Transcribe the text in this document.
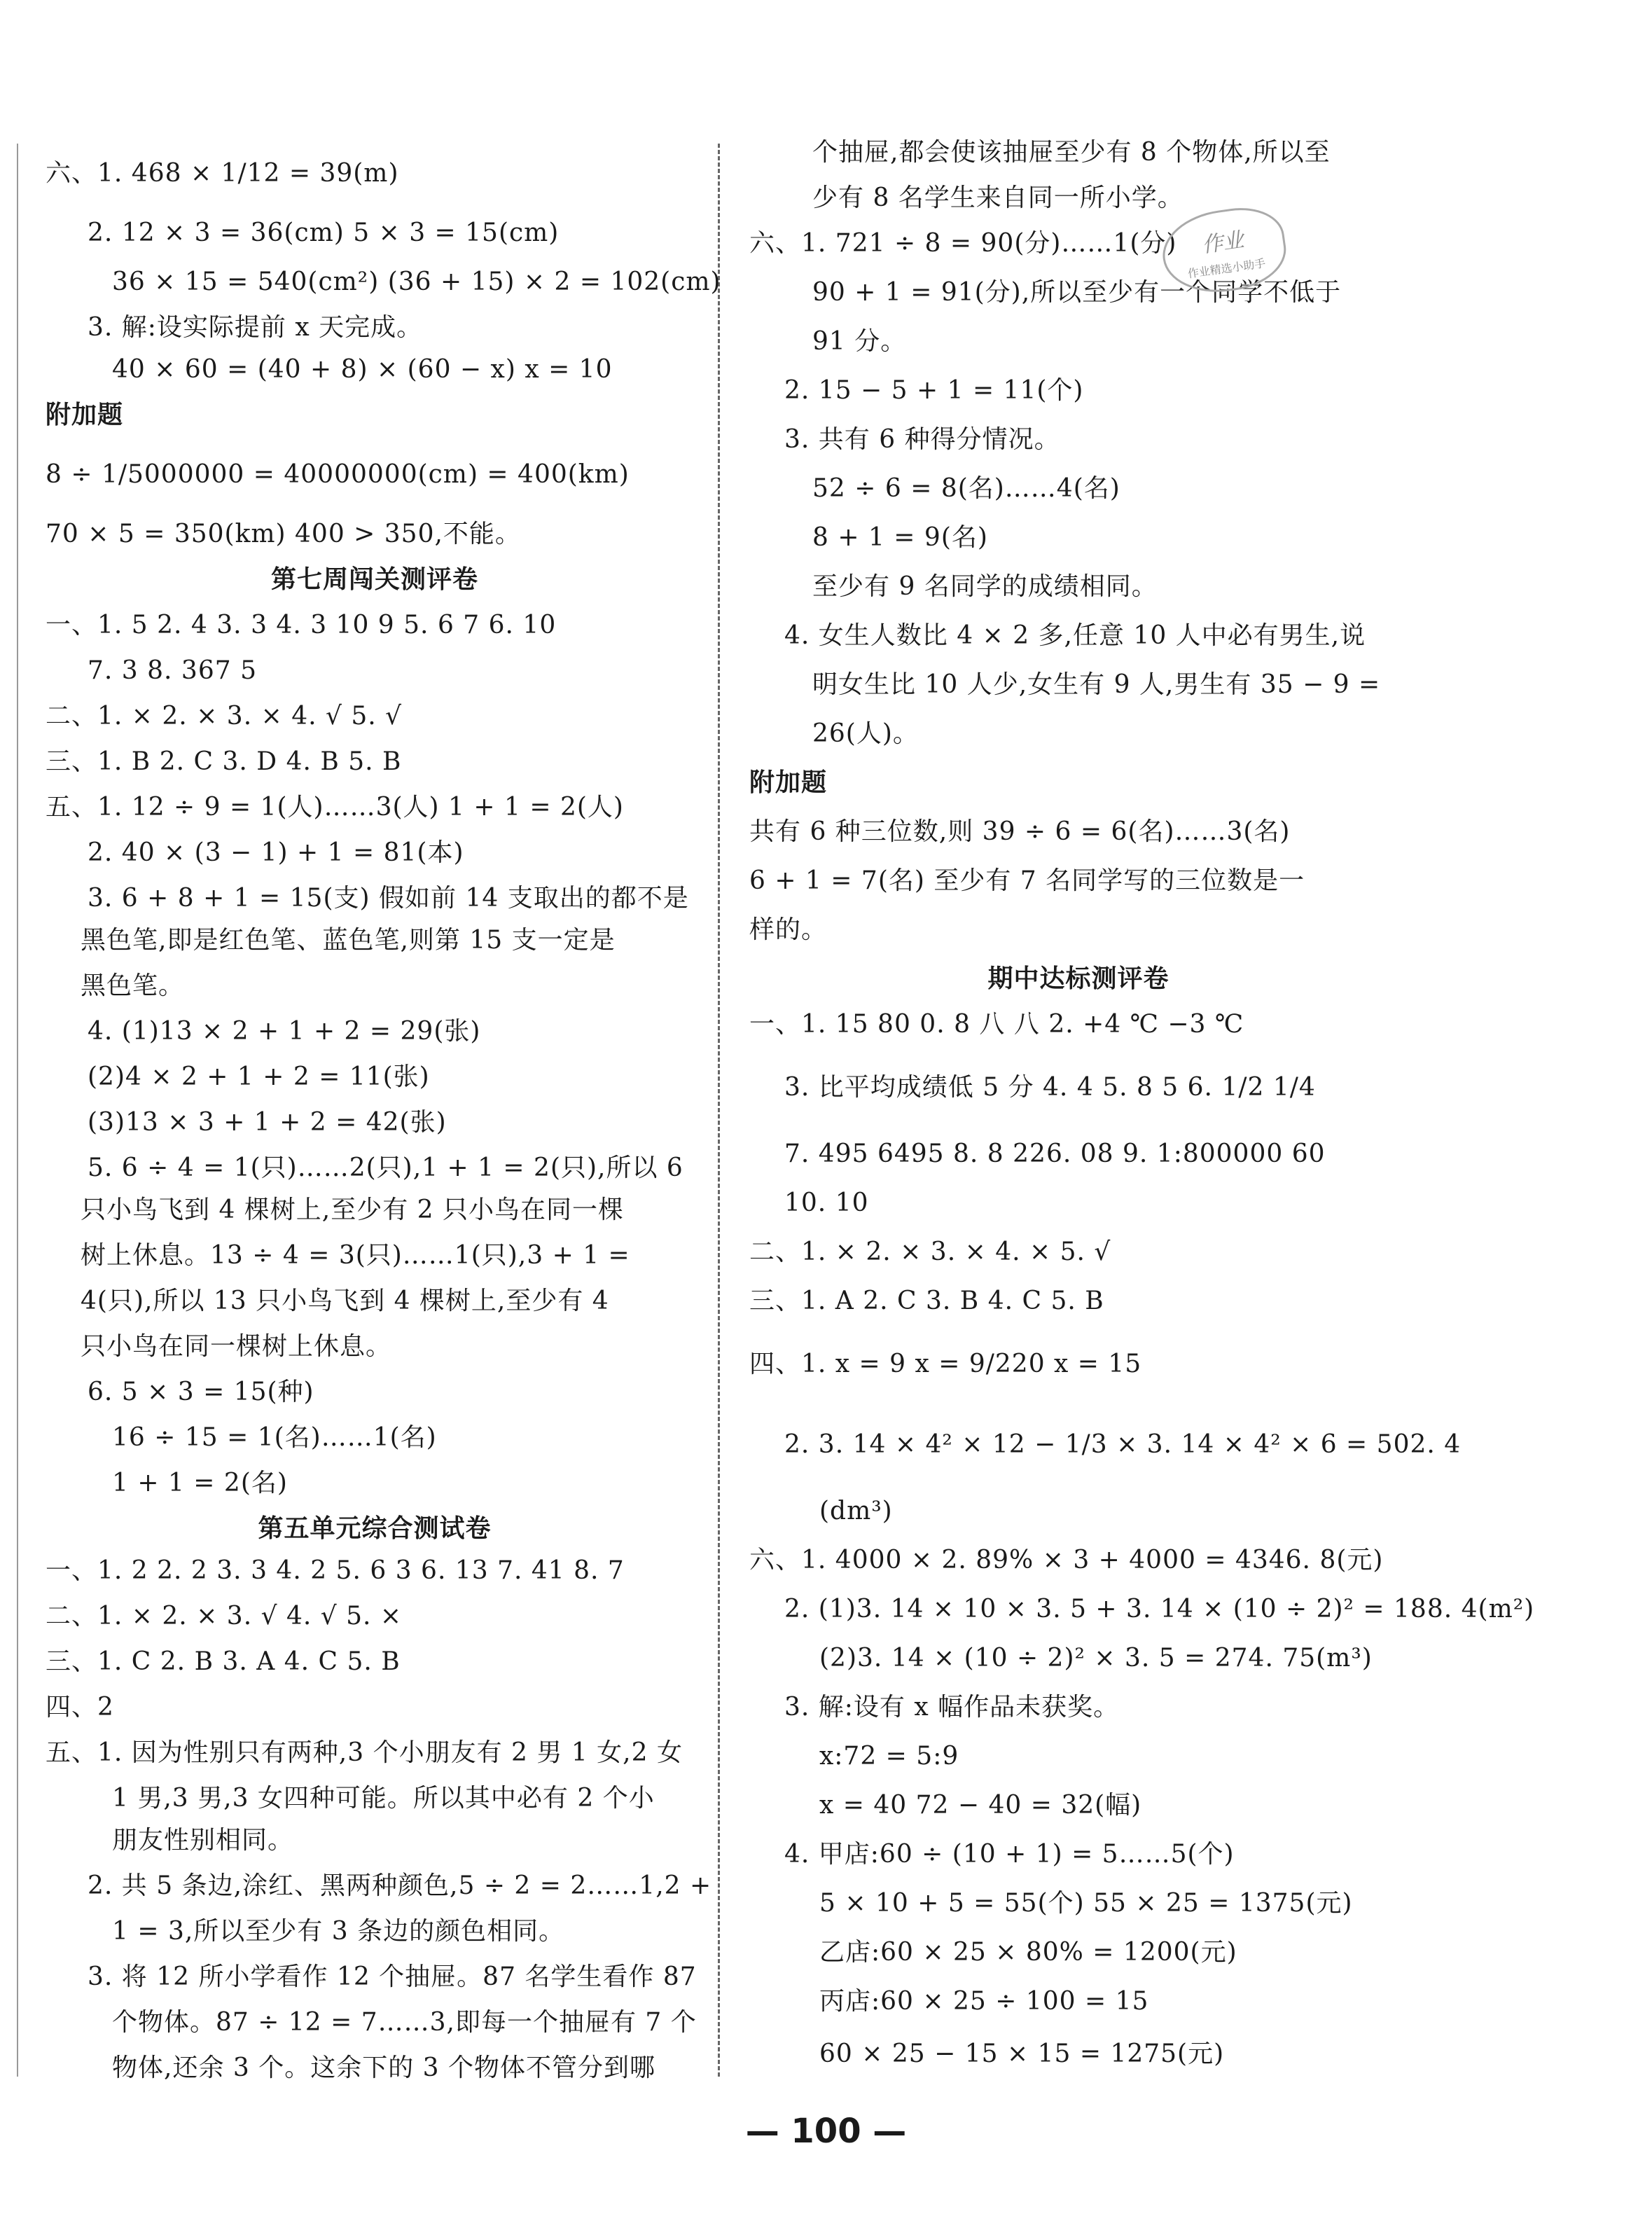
六、1. 468 × 1/12 = 39(m)
2. 12 × 3 = 36(cm) 5 × 3 = 15(cm)
36 × 15 = 540(cm²) (36 + 15) × 2 = 102(cm)
3. 解:设实际提前 x 天完成。
40 × 60 = (40 + 8) × (60 − x) x = 10
附加题
8 ÷ 1/5000000 = 40000000(cm) = 400(km)
70 × 5 = 350(km) 400 > 350,不能。
第七周闯关测评卷
一、1. 5 2. 4 3. 3 4. 3 10 9 5. 6 7 6. 10
7. 3 8. 367 5
二、1. × 2. × 3. × 4. √ 5. √
三、1. B 2. C 3. D 4. B 5. B
五、1. 12 ÷ 9 = 1(人)……3(人) 1 + 1 = 2(人)
2. 40 × (3 − 1) + 1 = 81(本)
3. 6 + 8 + 1 = 15(支) 假如前 14 支取出的都不是
黑色笔,即是红色笔、蓝色笔,则第 15 支一定是
黑色笔。
4. (1)13 × 2 + 1 + 2 = 29(张)
(2)4 × 2 + 1 + 2 = 11(张)
(3)13 × 3 + 1 + 2 = 42(张)
5. 6 ÷ 4 = 1(只)……2(只),1 + 1 = 2(只),所以 6
只小鸟飞到 4 棵树上,至少有 2 只小鸟在同一棵
树上休息。13 ÷ 4 = 3(只)……1(只),3 + 1 =
4(只),所以 13 只小鸟飞到 4 棵树上,至少有 4
只小鸟在同一棵树上休息。
6. 5 × 3 = 15(种)
16 ÷ 15 = 1(名)……1(名)
1 + 1 = 2(名)
第五单元综合测试卷
一、1. 2 2. 2 3. 3 4. 2 5. 6 3 6. 13 7. 41 8. 7
二、1. × 2. × 3. √ 4. √ 5. ×
三、1. C 2. B 3. A 4. C 5. B
四、2
五、1. 因为性别只有两种,3 个小朋友有 2 男 1 女,2 女
1 男,3 男,3 女四种可能。所以其中必有 2 个小
朋友性别相同。
2. 共 5 条边,涂红、黑两种颜色,5 ÷ 2 = 2……1,2 +
1 = 3,所以至少有 3 条边的颜色相同。
3. 将 12 所小学看作 12 个抽屉。87 名学生看作 87
个物体。87 ÷ 12 = 7……3,即每一个抽屉有 7 个
物体,还余 3 个。这余下的 3 个物体不管分到哪
个抽屉,都会使该抽屉至少有 8 个物体,所以至
少有 8 名学生来自同一所小学。
六、1. 721 ÷ 8 = 90(分)……1(分)
90 + 1 = 91(分),所以至少有一个同学不低于
91 分。
2. 15 − 5 + 1 = 11(个)
3. 共有 6 种得分情况。
52 ÷ 6 = 8(名)……4(名)
8 + 1 = 9(名)
至少有 9 名同学的成绩相同。
4. 女生人数比 4 × 2 多,任意 10 人中必有男生,说
明女生比 10 人少,女生有 9 人,男生有 35 − 9 =
26(人)。
附加题
共有 6 种三位数,则 39 ÷ 6 = 6(名)……3(名)
6 + 1 = 7(名) 至少有 7 名同学写的三位数是一
样的。
期中达标测评卷
一、1. 15 80 0. 8 八 八 2. +4 ℃ −3 ℃
3. 比平均成绩低 5 分 4. 4 5. 8 5 6. 1/2 1/4
7. 495 6495 8. 8 226. 08 9. 1:800000 60
10. 10
二、1. × 2. × 3. × 4. × 5. √
三、1. A 2. C 3. B 4. C 5. B
四、1. x = 9 x = 9/220 x = 15
2. 3. 14 × 4² × 12 − 1/3 × 3. 14 × 4² × 6 = 502. 4
(dm³)
六、1. 4000 × 2. 89% × 3 + 4000 = 4346. 8(元)
2. (1)3. 14 × 10 × 3. 5 + 3. 14 × (10 ÷ 2)² = 188. 4(m²)
(2)3. 14 × (10 ÷ 2)² × 3. 5 = 274. 75(m³)
3. 解:设有 x 幅作品未获奖。
x:72 = 5:9
x = 40 72 − 40 = 32(幅)
4. 甲店:60 ÷ (10 + 1) = 5……5(个)
5 × 10 + 5 = 55(个) 55 × 25 = 1375(元)
乙店:60 × 25 × 80% = 1200(元)
丙店:60 × 25 ÷ 100 = 15
60 × 25 − 15 × 15 = 1275(元)
作业
作业精选小助手
— 100 —
